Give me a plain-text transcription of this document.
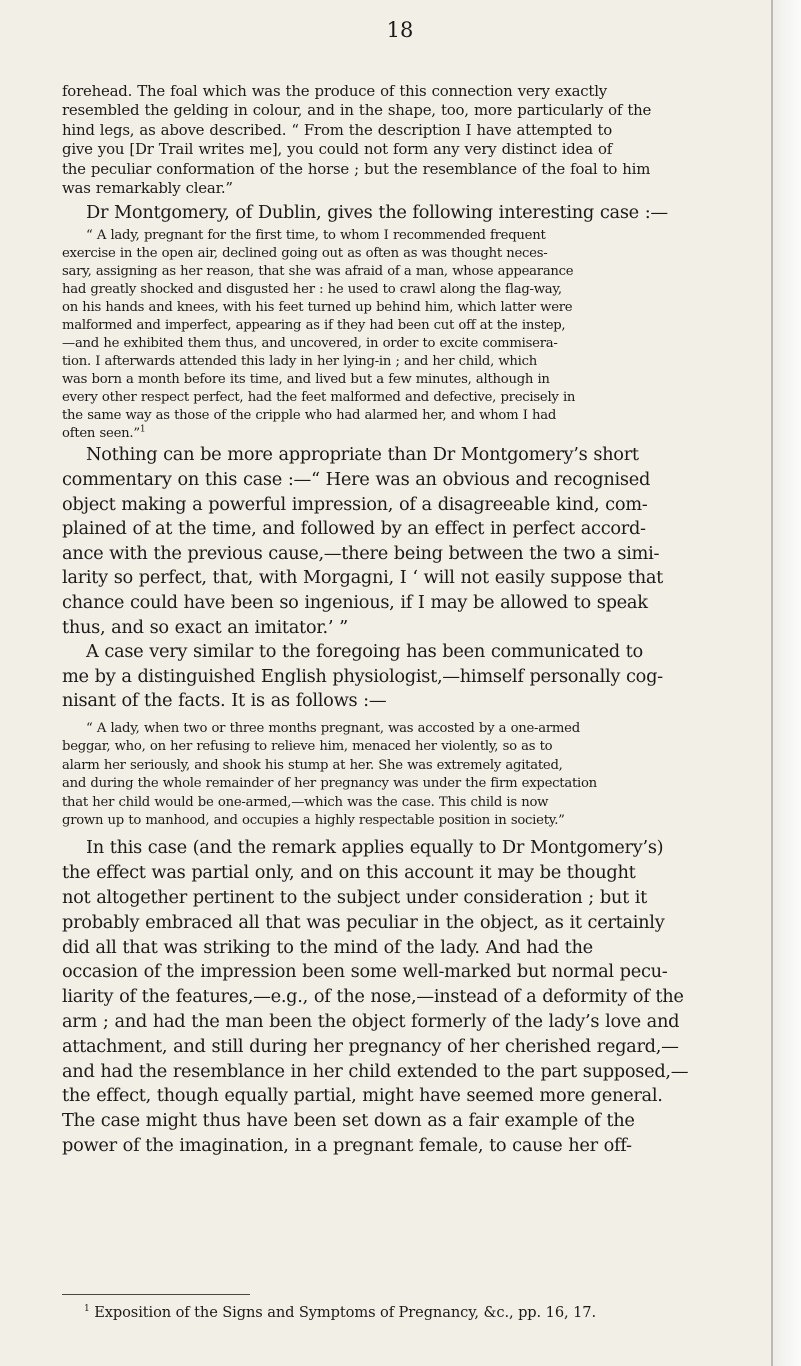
18
forehead. The foal which was the produce of this connection very exactly
resembled the gelding in colour, and in the shape, too, more particularly of the
hind legs, as above described. “ From the description I have attempted to
give you [Dr Trail writes me], you could not form any very distinct idea of
the peculiar conformation of the horse ; but the resemblance of the foal to him
was remarkably clear.”
Dr Montgomery, of Dublin, gives the following interesting case :—
“ A lady, pregnant for the first time, to whom I recommended frequent
exercise in the open air, declined going out as often as was thought neces-
sary, assigning as her reason, that she was afraid of a man, whose appearance
had greatly shocked and disgusted her : he used to crawl along the flag-way,
on his hands and knees, with his feet turned up behind him, which latter were
malformed and imperfect, appearing as if they had been cut off at the instep,
—and he exhibited them thus, and uncovered, in order to excite commisera-
tion. I afterwards attended this lady in her lying-in ; and her child, which
was born a month before its time, and lived but a few minutes, although in
every other respect perfect, had the feet malformed and defective, precisely in
the same way as those of the cripple who had alarmed her, and whom I had
often seen.”$^1$
Nothing can be more appropriate than Dr Montgomery’s short
commentary on this case :—“ Here was an obvious and recognised
object making a powerful impression, of a disagreeable kind, com-
plained of at the time, and followed by an effect in perfect accord-
ance with the previous cause,—there being between the two a simi-
larity so perfect, that, with Morgagni, I ‘ will not easily suppose that
chance could have been so ingenious, if I may be allowed to speak
thus, and so exact an imitator.’ ”
A case very similar to the foregoing has been communicated to
me by a distinguished English physiologist,—himself personally cog-
nisant of the facts. It is as follows :—
“ A lady, when two or three months pregnant, was accosted by a one-armed
beggar, who, on her refusing to relieve him, menaced her violently, so as to
alarm her seriously, and shook his stump at her. She was extremely agitated,
and during the whole remainder of her pregnancy was under the firm expectation
that her child would be one-armed,—which was the case. This child is now
grown up to manhood, and occupies a highly respectable position in society.”
In this case (and the remark applies equally to Dr Montgomery’s)
the effect was partial only, and on this account it may be thought
not altogether pertinent to the subject under consideration ; but it
probably embraced all that was peculiar in the object, as it certainly
did all that was striking to the mind of the lady. And had the
occasion of the impression been some well-marked but normal pecu-
liarity of the features,—e.g., of the nose,—instead of a deformity of the
arm ; and had the man been the object formerly of the lady’s love and
attachment, and still during her pregnancy of her cherished regard,—
and had the resemblance in her child extended to the part supposed,—
the effect, though equally partial, might have seemed more general.
The case might thus have been set down as a fair example of the
power of the imagination, in a pregnant female, to cause her off-
$^1$ Exposition of the Signs and Symptoms of Pregnancy, &c., pp. 16, 17.
